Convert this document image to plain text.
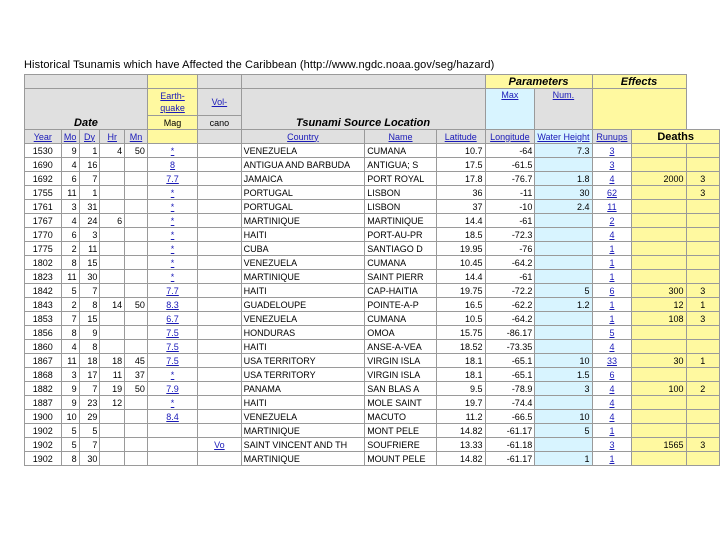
Historical Tsunamis which have Affected the Caribbean (http://www.ngdc.noaa.gov/seg/hazard)
										Parameters		Effects		
Date					Earth-quake	Vol-	Tsunami Source Location			Max	Num.			
					Mag	cano								
Year	Mo	Dy	Hr	Mn			Country	Name	Latitude	Longitude	Water Height	Runups	Deaths	
1530	9	1	4	50	*		VENEZUELA	CUMANA	10.7	-64	7.3	3		
1690	4	16			8		ANTIGUA AND BARBUDA	ANTIGUA; S	17.5	-61.5		3		
1692	6	7			7.7		JAMAICA	PORT ROYAL	17.8	-76.7	1.8	4	2000	3
1755	11	1			*		PORTUGAL	LISBON	36	-11	30	62		3
1761	3	31			*		PORTUGAL	LISBON	37	-10	2.4	11		
1767	4	24	6		*		MARTINIQUE	MARTINIQUE	14.4	-61		2		
1770	6	3			*		HAITI	PORT-AU-PR	18.5	-72.3		4		
1775	2	11			*		CUBA	SANTIAGO D	19.95	-76		1		
1802	8	15			*		VENEZUELA	CUMANA	10.45	-64.2		1		
1823	11	30			*		MARTINIQUE	SAINT PIERR	14.4	-61		1		
1842	5	7			7.7		HAITI	CAP-HAITIA	19.75	-72.2	5	6	300	3
1843	2	8	14	50	8.3		GUADELOUPE	POINTE-A-P	16.5	-62.2	1.2	1	12	1
1853	7	15			6.7		VENEZUELA	CUMANA	10.5	-64.2		1	108	3
1856	8	9			7.5		HONDURAS	OMOA	15.75	-86.17		5		
1860	4	8			7.5		HAITI	ANSE-A-VEA	18.52	-73.35		4		
1867	11	18	18	45	7.5		USA TERRITORY	VIRGIN ISLA	18.1	-65.1	10	33	30	1
1868	3	17	11	37	*		USA TERRITORY	VIRGIN ISLA	18.1	-65.1	1.5	6		
1882	9	7	19	50	7.9		PANAMA	SAN BLAS A	9.5	-78.9	3	4	100	2
1887	9	23	12		*		HAITI	MOLE SAINT	19.7	-74.4		4		
1900	10	29			8.4		VENEZUELA	MACUTO	11.2	-66.5	10	4		
1902	5	5					MARTINIQUE	MONT PELE	14.82	-61.17	5	1		
1902	5	7				Vo	SAINT VINCENT AND TH	SOUFRIERE	13.33	-61.18		3	1565	3
1902	8	30					MARTINIQUE	MOUNT PELE	14.82	-61.17	1	1		
